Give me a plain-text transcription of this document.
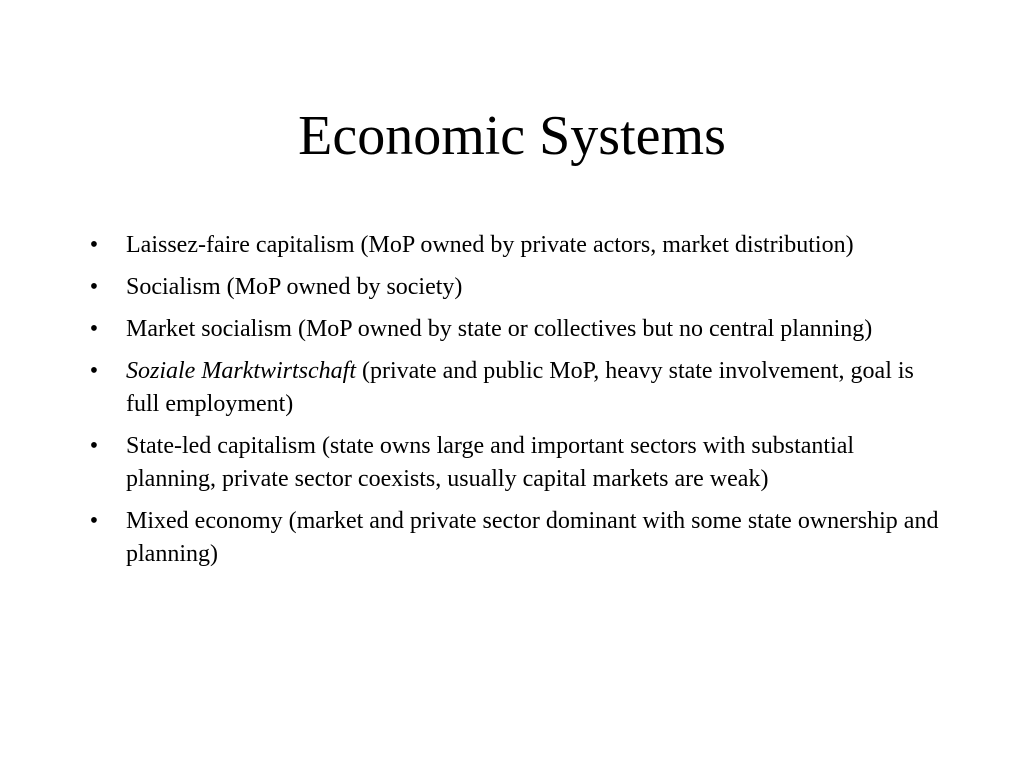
Economic Systems
• Laissez-faire capitalism (MoP owned by private actors, market distribution)
• Socialism (MoP owned by society)
• Market socialism (MoP owned by state or collectives but no central planning)
• Soziale Marktwirtschaft (private and public MoP, heavy state involvement, goal is full employment)
• State-led capitalism (state owns large and important sectors with substantial planning, private sector coexists, usually capital markets are weak)
• Mixed economy (market and private sector dominant with some state ownership and planning)
